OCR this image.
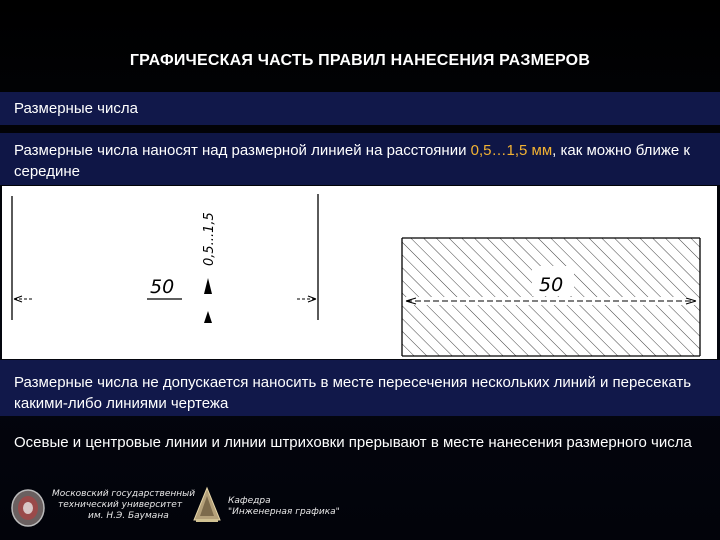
ГРАФИЧЕСКАЯ ЧАСТЬ ПРАВИЛ НАНЕСЕНИЯ РАЗМЕРОВ
Размерные числа
Размерные числа наносят над размерной линией на расстоянии 0,5…1,5 мм, как можно ближе к середине
50
0,5...1,5
50
Размерные числа не допускается наносить в месте пересечения нескольких линий и пересекать какими-либо линиями чертежа
Осевые и центровые линии и линии штриховки прерывают в месте нанесения размерного числа
Московский государственный
технический университет
им. Н.Э. Баумана
Кафедра
"Инженерная графика"
